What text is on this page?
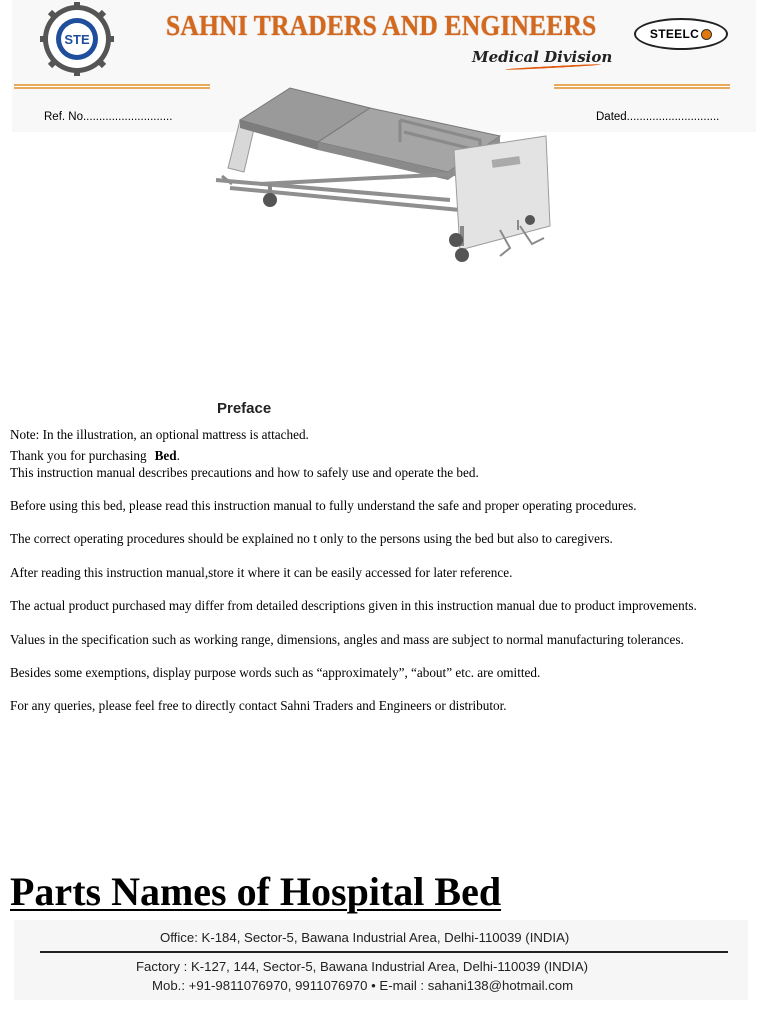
STE	SAHNI TRADERS AND ENGINEERS
Medical Division
STEELC
Ref. No............................	Dated.............................
Preface

Note: In the illustration, an optional mattress is attached.

Thank you for purchasing Bed.

This instruction manual describes precautions and how to safely use and operate the bed.

Before using this bed, please read this instruction manual to fully understand the safe and proper operating procedures.

The correct operating procedures should be explained no t only to the persons using the bed but also to caregivers.

After reading this instruction manual,store it where it can be easily accessed for later reference.

The actual product purchased may differ from detailed descriptions given in this instruction manual due to product improvements.

Values in the specification such as working range, dimensions, angles and mass are subject to normal manufacturing tolerances.

Besides some exemptions, display purpose words such as “approximately”, “about” etc. are omitted.

For any queries, please feel free to directly contact Sahni Traders and Engineers or distributor.

Parts Names of Hospital Bed
Office: K-184, Sector-5, Bawana Industrial Area, Delhi-110039 (INDIA)
Factory : K-127, 144, Sector-5, Bawana Industrial Area, Delhi-110039 (INDIA)
Mob.: +91-9811076970, 9911076970 • E-mail : sahani138@hotmail.com
